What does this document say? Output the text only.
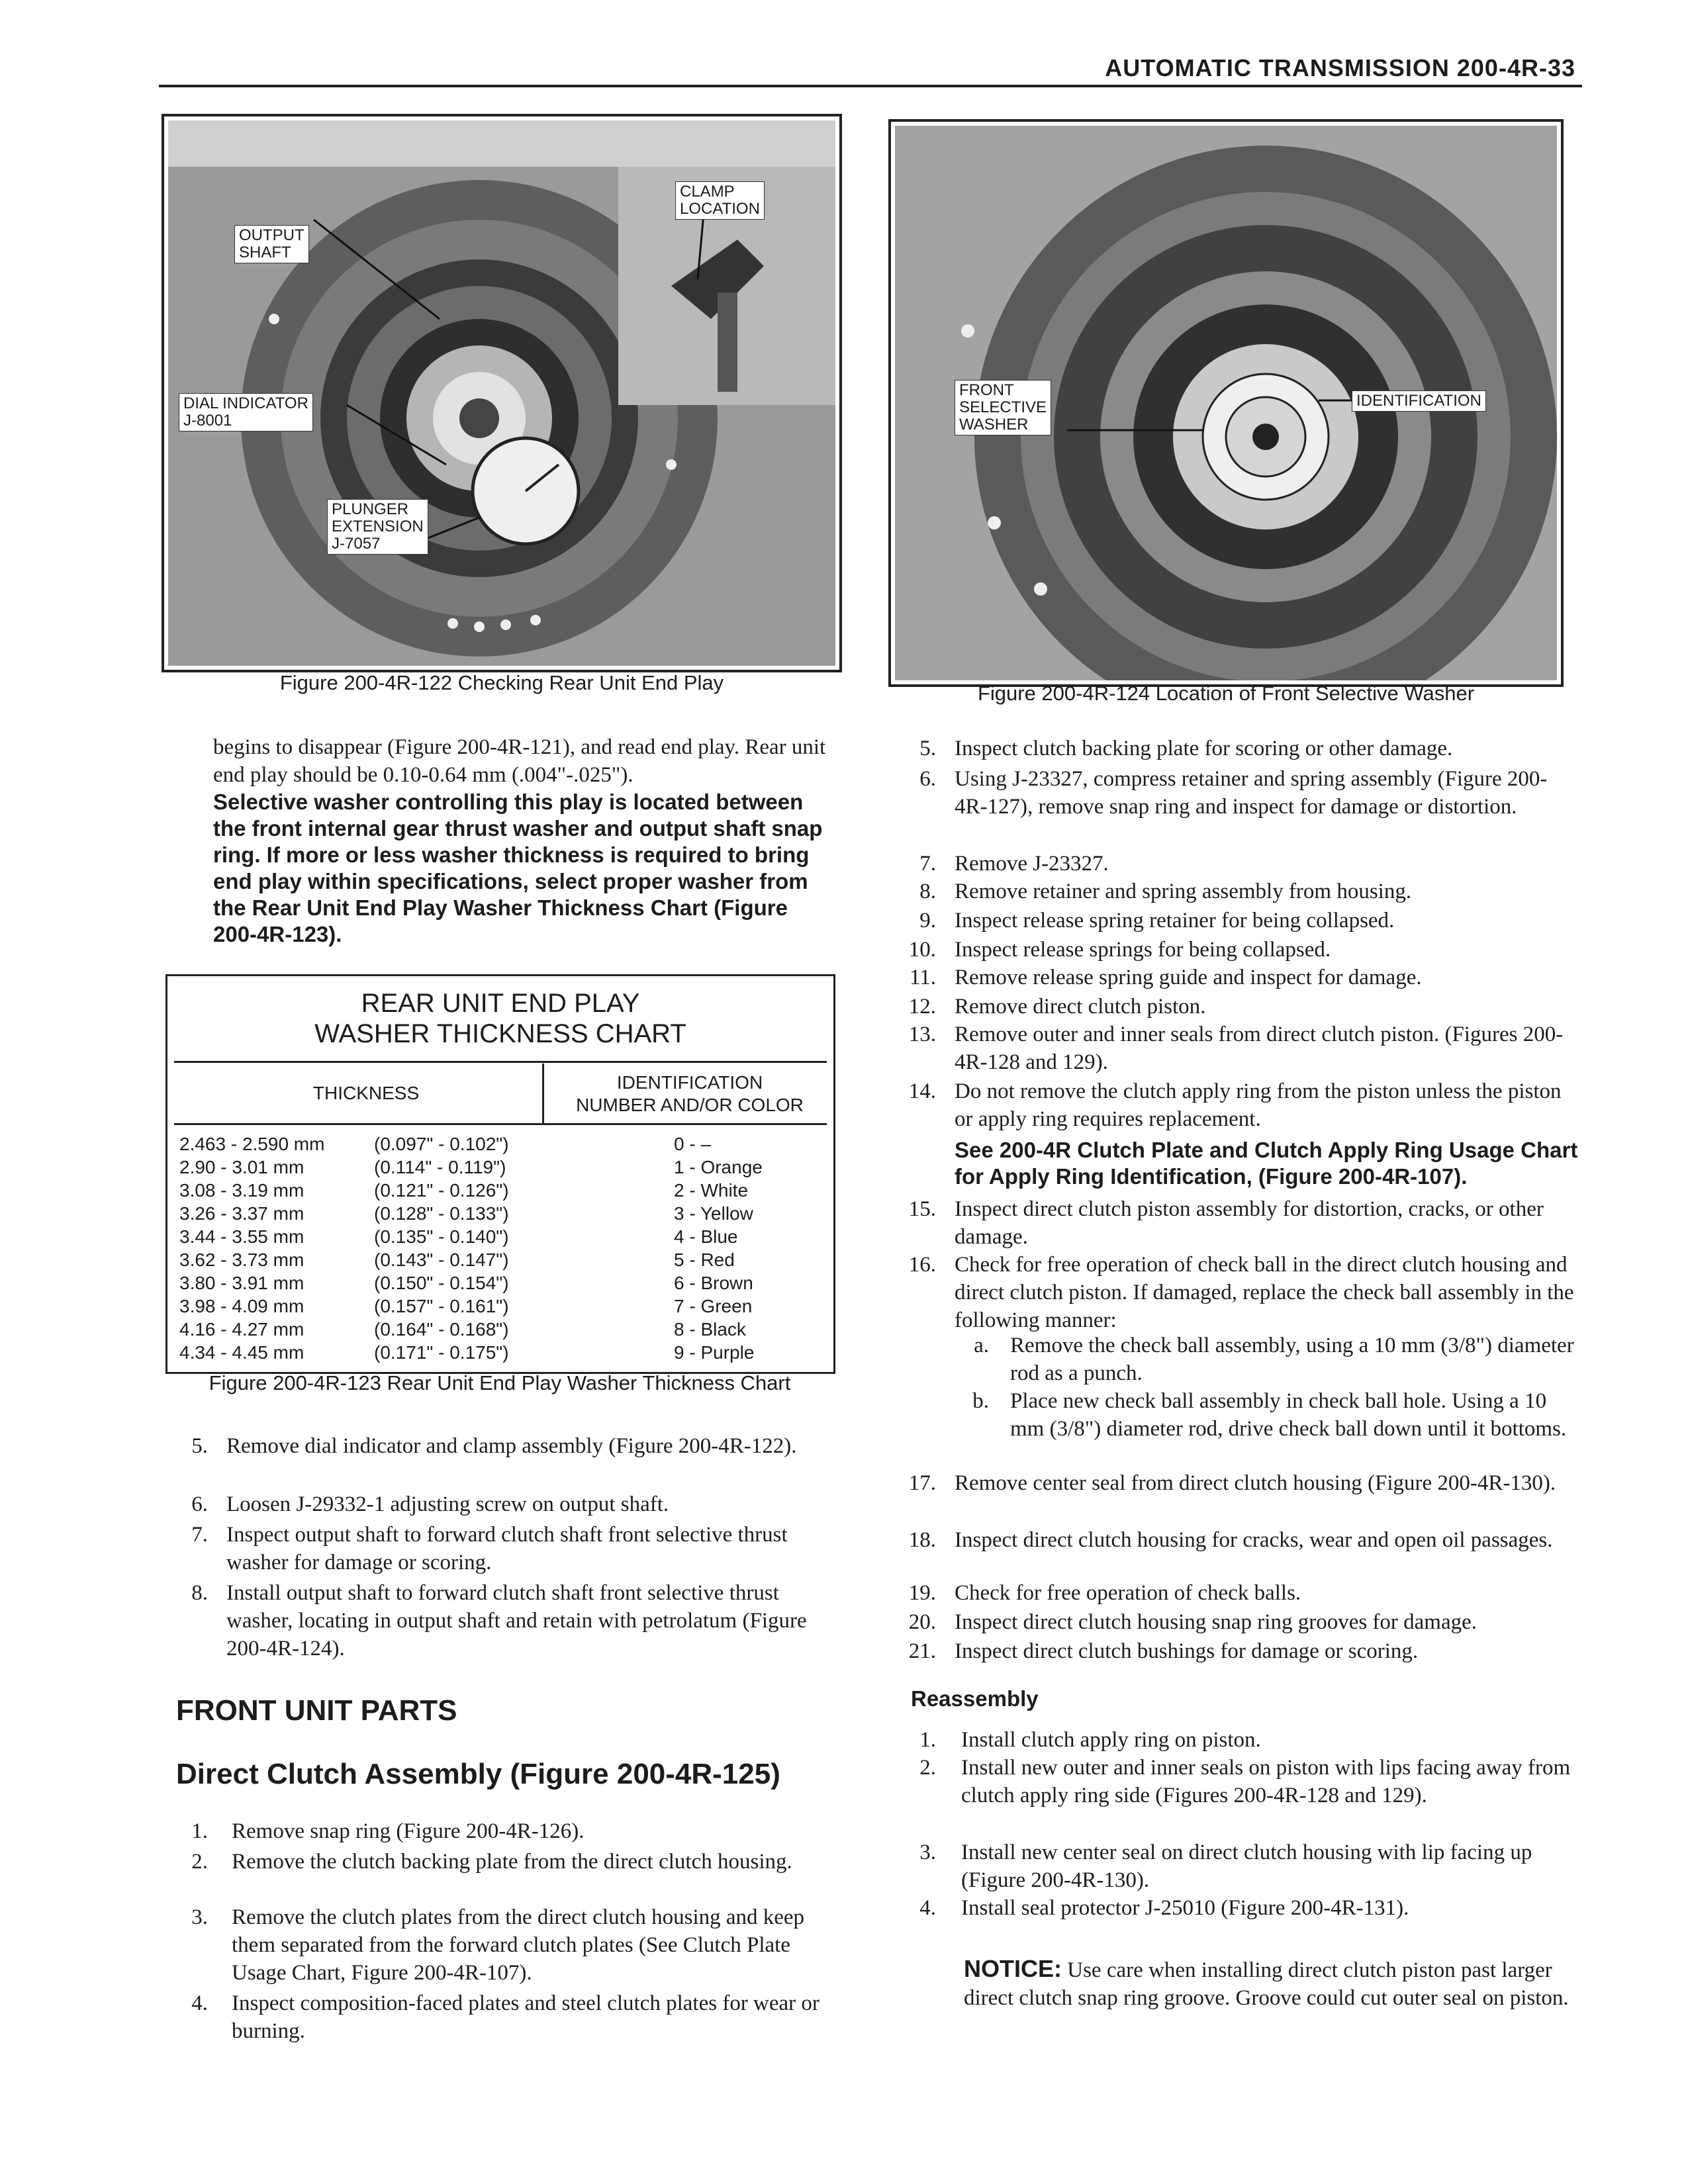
AUTOMATIC TRANSMISSION 200-4R-33
CLAMP
LOCATION
OUTPUT
SHAFT
DIAL INDICATOR
J-8001
PLUNGER
EXTENSION
J-7057
Figure 200-4R-122 Checking Rear Unit End Play
FRONT
SELECTIVE
WASHER
IDENTIFICATION
Figure 200-4R-124 Location of Front Selective Washer
begins to disappear (Figure 200-4R-121), and read end play. Rear unit end play should be 0.10-0.64 mm (.004"-.025").
Selective washer controlling this play is located between the front internal gear thrust washer and output shaft snap ring. If more or less washer thickness is required to bring end play within specifications, select proper washer from the Rear Unit End Play Washer Thickness Chart (Figure 200-4R-123).
REAR UNIT END PLAY
WASHER THICKNESS CHART
THICKNESS
IDENTIFICATION
NUMBER AND/OR COLOR
2.463 - 2.590 mm	(0.097" - 0.102")	0 - –
2.90 - 3.01 mm	(0.114" - 0.119")	1 - Orange
3.08 - 3.19 mm	(0.121" - 0.126")	2 - White
3.26 - 3.37 mm	(0.128" - 0.133")	3 - Yellow
3.44 - 3.55 mm	(0.135" - 0.140")	4 - Blue
3.62 - 3.73 mm	(0.143" - 0.147")	5 - Red
3.80 - 3.91 mm	(0.150" - 0.154")	6 - Brown
3.98 - 4.09 mm	(0.157" - 0.161")	7 - Green
4.16 - 4.27 mm	(0.164" - 0.168")	8 - Black
4.34 - 4.45 mm	(0.171" - 0.175")	9 - Purple
Figure 200-4R-123 Rear Unit End Play Washer Thickness Chart
5. Remove dial indicator and clamp assembly (Figure 200-4R-122).
6. Loosen J-29332-1 adjusting screw on output shaft.
7. Inspect output shaft to forward clutch shaft front selective thrust washer for damage or scoring.
8. Install output shaft to forward clutch shaft front selective thrust washer, locating in output shaft and retain with petrolatum (Figure 200-4R-124).
FRONT UNIT PARTS
Direct Clutch Assembly (Figure 200-4R-125)
1. Remove snap ring (Figure 200-4R-126).
2. Remove the clutch backing plate from the direct clutch housing.
3. Remove the clutch plates from the direct clutch housing and keep them separated from the forward clutch plates (See Clutch Plate Usage Chart, Figure 200-4R-107).
4. Inspect composition-faced plates and steel clutch plates for wear or burning.
5. Inspect clutch backing plate for scoring or other damage.
6. Using J-23327, compress retainer and spring assembly (Figure 200-4R-127), remove snap ring and inspect for damage or distortion.
7. Remove J-23327.
8. Remove retainer and spring assembly from housing.
9. Inspect release spring retainer for being collapsed.
10. Inspect release springs for being collapsed.
11. Remove release spring guide and inspect for damage.
12. Remove direct clutch piston.
13. Remove outer and inner seals from direct clutch piston. (Figures 200-4R-128 and 129).
14. Do not remove the clutch apply ring from the piston unless the piston or apply ring requires replacement.
15. Inspect direct clutch piston assembly for distortion, cracks, or other damage.
16. Check for free operation of check ball in the direct clutch housing and direct clutch piston. If damaged, replace the check ball assembly in the following manner:
17. Remove center seal from direct clutch housing (Figure 200-4R-130).
18. Inspect direct clutch housing for cracks, wear and open oil passages.
19. Check for free operation of check balls.
20. Inspect direct clutch housing snap ring grooves for damage.
21. Inspect direct clutch bushings for damage or scoring.
See 200-4R Clutch Plate and Clutch Apply Ring Usage Chart for Apply Ring Identification, (Figure 200-4R-107).
a. Remove the check ball assembly, using a 10 mm (3/8") diameter rod as a punch.
b. Place new check ball assembly in check ball hole. Using a 10 mm (3/8") diameter rod, drive check ball down until it bottoms.
Reassembly
1. Install clutch apply ring on piston.
2. Install new outer and inner seals on piston with lips facing away from clutch apply ring side (Figures 200-4R-128 and 129).
3. Install new center seal on direct clutch housing with lip facing up (Figure 200-4R-130).
4. Install seal protector J-25010 (Figure 200-4R-131).
NOTICE: Use care when installing direct clutch piston past larger direct clutch snap ring groove. Groove could cut outer seal on piston.
